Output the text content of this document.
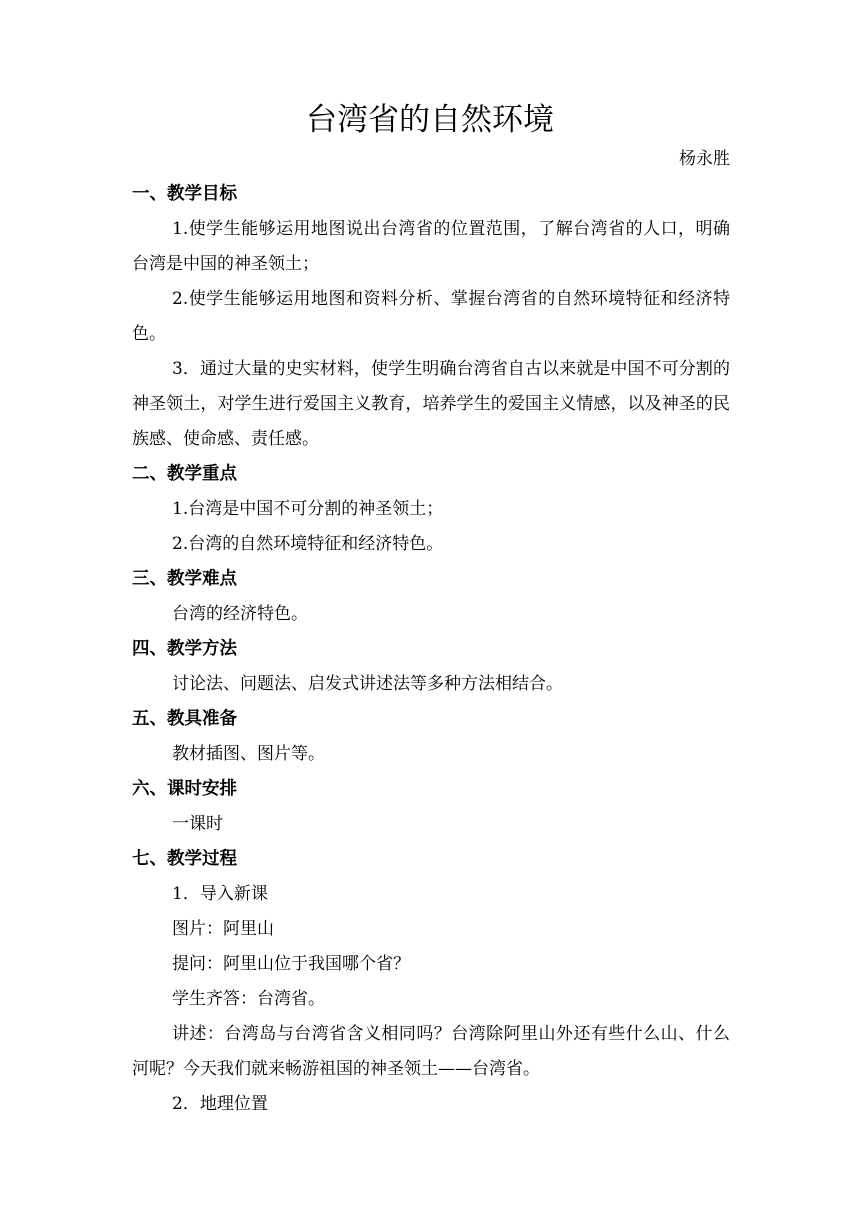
台湾省的自然环境
杨永胜
一、教学目标
1.使学生能够运用地图说出台湾省的位置范围，了解台湾省的人口，明确台湾是中国的神圣领土；
2.使学生能够运用地图和资料分析、掌握台湾省的自然环境特征和经济特色。
3．通过大量的史实材料，使学生明确台湾省自古以来就是中国不可分割的神圣领土，对学生进行爱国主义教育，培养学生的爱国主义情感，以及神圣的民族感、使命感、责任感。
二、教学重点
1.台湾是中国不可分割的神圣领土；
2.台湾的自然环境特征和经济特色。
三、教学难点
台湾的经济特色。
四、教学方法
讨论法、问题法、启发式讲述法等多种方法相结合。
五、教具准备
教材插图、图片等。
六、课时安排
一课时
七、教学过程
1．导入新课
图片：阿里山
提问：阿里山位于我国哪个省？
学生齐答：台湾省。
讲述：台湾岛与台湾省含义相同吗？台湾除阿里山外还有些什么山、什么河呢？今天我们就来畅游祖国的神圣领土——台湾省。
2．地理位置
